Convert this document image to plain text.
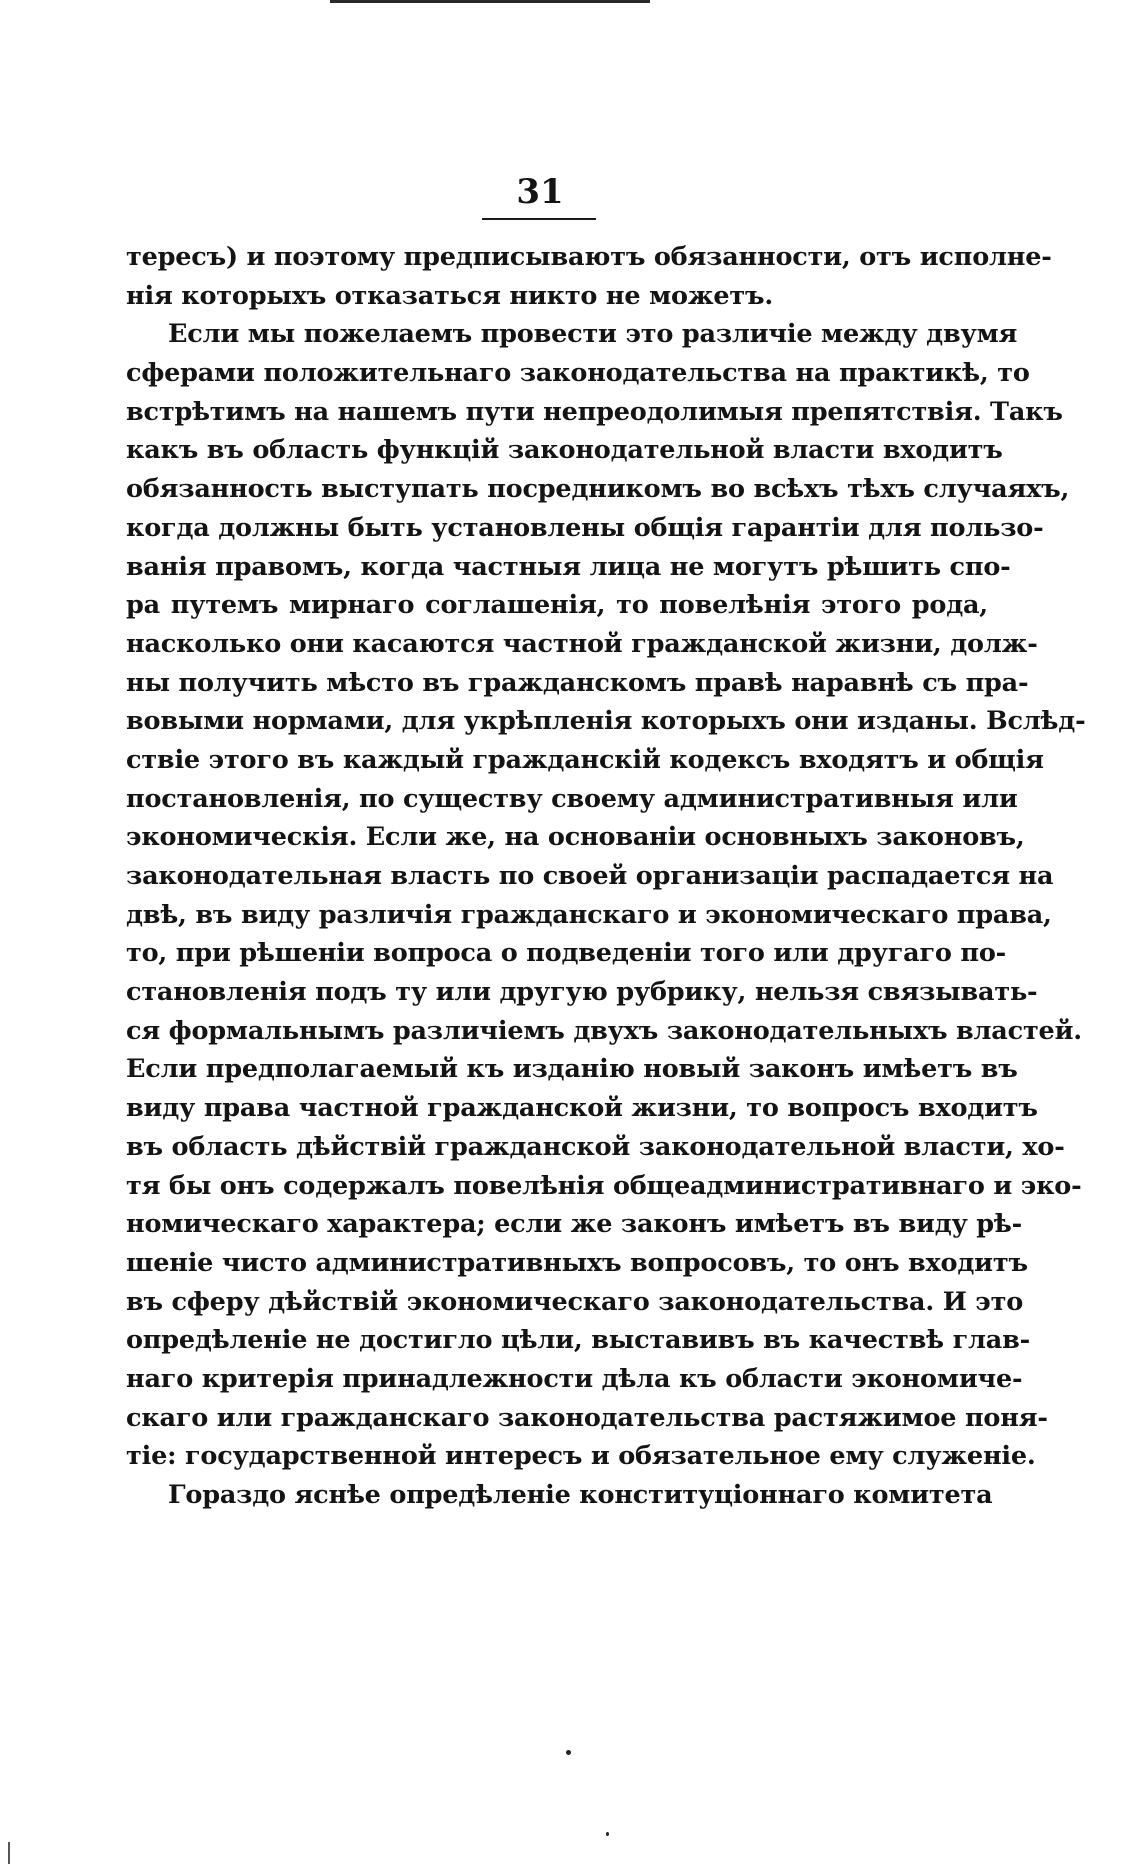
31
тересъ) и поэтому предписываютъ обязанности, отъ исполне-
нія которыхъ отказаться никто не можетъ.
Если мы пожелаемъ провести это различіе между двумя
сферами положительнаго законодательства на практикѣ, то
встрѣтимъ на нашемъ пути непреодолимыя препятствія. Такъ
какъ въ область функцій законодательной власти входитъ
обязанность выступать посредникомъ во всѣхъ тѣхъ случаяхъ,
когда должны быть установлены общія гарантіи для пользо-
ванія правомъ, когда частныя лица не могутъ рѣшить спо-
ра путемъ мирнаго соглашенія, то повелѣнія этого рода,
насколько они касаются частной гражданской жизни, долж-
ны получить мѣсто въ гражданскомъ правѣ наравнѣ съ пра-
вовыми нормами, для укрѣпленія которыхъ они изданы. Вслѣд-
ствіе этого въ каждый гражданскій кодексъ входятъ и общія
постановленія, по существу своему административныя или
экономическія. Если же, на основаніи основныхъ законовъ,
законодательная власть по своей организаціи распадается на
двѣ, въ виду различія гражданскаго и экономическаго права,
то, при рѣшеніи вопроса о подведеніи того или другаго по-
становленія подъ ту или другую рубрику, нельзя связывать-
ся формальнымъ различіемъ двухъ законодательныхъ властей.
Если предполагаемый къ изданію новый законъ имѣетъ въ
виду права частной гражданской жизни, то вопросъ входитъ
въ область дѣйствій гражданской законодательной власти, хо-
тя бы онъ содержалъ повелѣнія общеадминистративнаго и эко-
номическаго характера; если же законъ имѣетъ въ виду рѣ-
шеніе чисто административныхъ вопросовъ, то онъ входитъ
въ сферу дѣйствій экономическаго законодательства. И это
опредѣленіе не достигло цѣли, выставивъ въ качествѣ глав-
наго критерія принадлежности дѣла къ области экономиче-
скаго или гражданскаго законодательства растяжимое поня-
тіе: государственной интересъ и обязательное ему служеніе.
Гораздо яснѣе опредѣленіе конституціоннаго комитета
